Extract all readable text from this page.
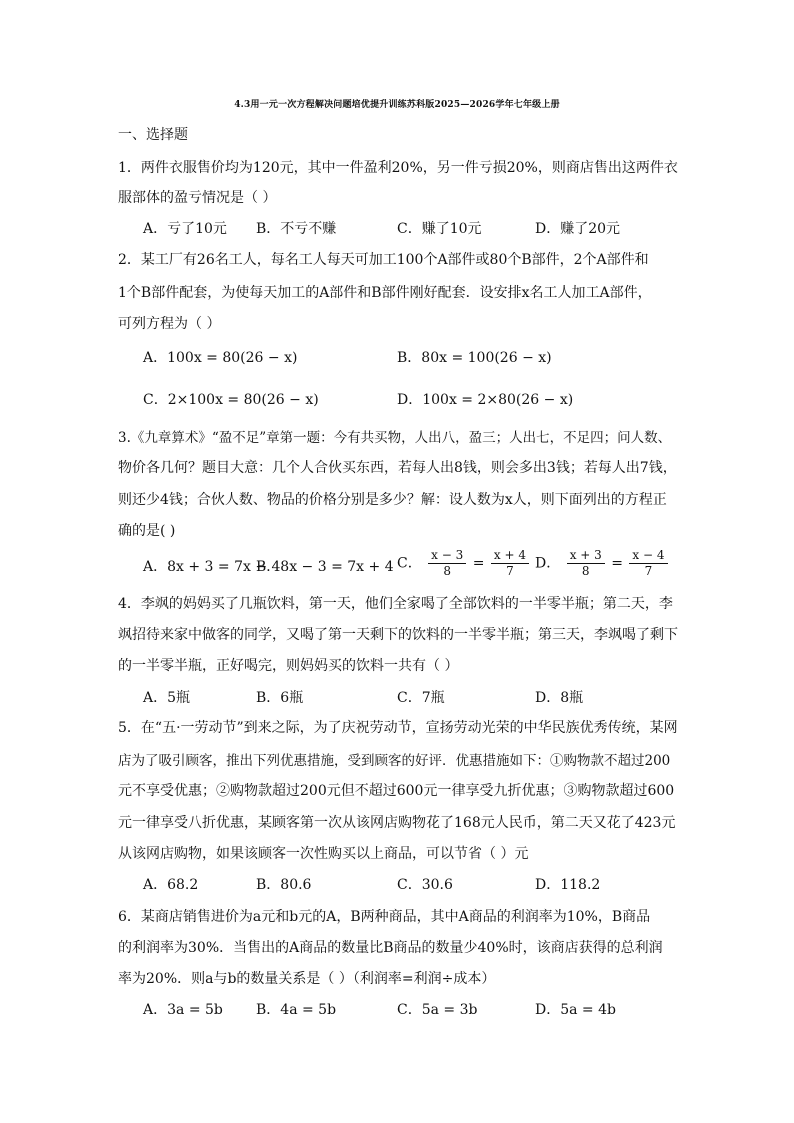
4.3用一元一次方程解决问题培优提升训练苏科版2025—2026学年七年级上册
一、选择题
1．两件衣服售价均为120元，其中一件盈利20%，另一件亏损20%，则商店售出这两件衣
服部体的盈亏情况是（ ）
A．亏了10元 B．不亏不赚	C．赚了10元	D．赚了20元
2．某工厂有26名工人，每名工人每天可加工100个A部件或80个B部件，2个A部件和
1个B部件配套，为使每天加工的A部件和B部件刚好配套．设安排x名工人加工A部件，
可列方程为（ ）
A．100x = 80(26 − x)	B．80x = 100(26 − x)
C．2×100x = 80(26 − x)	D．100x = 2×80(26 − x)
3.《九章算术》“盈不足”章第一题：今有共买物，人出八，盈三；人出七，不足四；问人数、
物价各几何？题目大意：几个人合伙买东西，若每人出8钱，则会多出3钱；若每人出7钱，
则还少4钱；合伙人数、物品的价格分别是多少？解：设人数为x人，则下面列出的方程正
确的是( )
A．8x + 3 = 7x − 4
B．8x − 3 = 7x + 4 C． $\frac{x - 3}{8} = \frac{x + 4}{7}$ D． $\frac{x + 3}{8} = \frac{x - 4}{7}$
4．李飒的妈妈买了几瓶饮料，第一天，他们全家喝了全部饮料的一半零半瓶；第二天，李
飒招待来家中做客的同学，又喝了第一天剩下的饮料的一半零半瓶；第三天，李飒喝了剩下
的一半零半瓶，正好喝完，则妈妈买的饮料一共有（ ）
A．5瓶	B．6瓶	C．7瓶	D．8瓶
5．在“五·一劳动节”到来之际，为了庆祝劳动节，宣扬劳动光荣的中华民族优秀传统，某网
店为了吸引顾客，推出下列优惠措施，受到顾客的好评．优惠措施如下：①购物款不超过200
元不享受优惠；②购物款超过200元但不超过600元一律享受九折优惠；③购物款超过600
元一律享受八折优惠，某顾客第一次从该网店购物花了168元人民币，第二天又花了423元
从该网店购物，如果该顾客一次性购买以上商品，可以节省（ ）元
A．68.2	B．80.6	C．30.6	D．118.2
6．某商店销售进价为a元和b元的A，B两种商品，其中A商品的利润率为10%，B商品
的利润率为30%．当售出的A商品的数量比B商品的数量少40%时，该商店获得的总利润
率为20%．则a与b的数量关系是（ ）（利润率=利润÷成本）
A．3a = 5b B．4a = 5b	C．5a = 3b	D．5a = 4b
